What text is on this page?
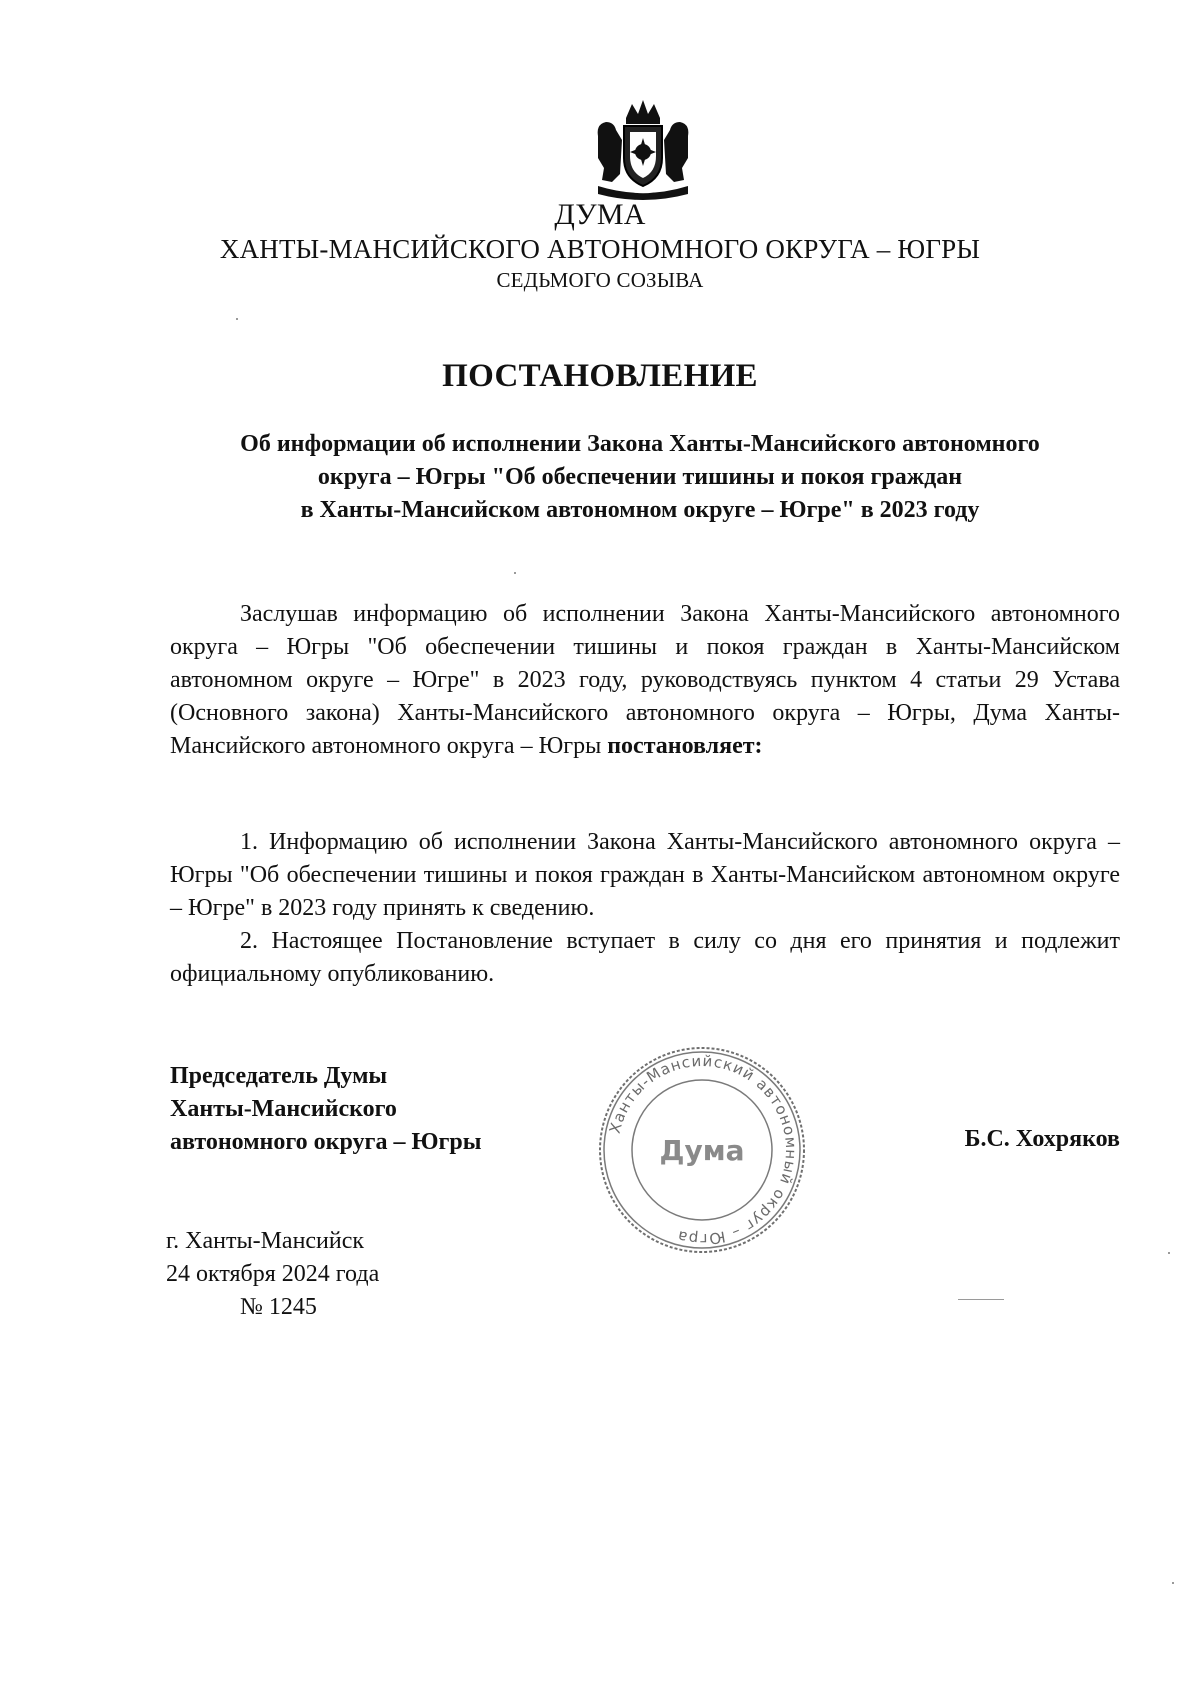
ДУМА
ХАНТЫ-МАНСИЙСКОГО АВТОНОМНОГО ОКРУГА – ЮГРЫ
СЕДЬМОГО СОЗЫВА
ПОСТАНОВЛЕНИЕ
Об информации об исполнении Закона Ханты-Мансийского автономного
округа – Югры "Об обеспечении тишины и покоя граждан
в Ханты-Мансийском автономном округе – Югре" в 2023 году
Заслушав информацию об исполнении Закона Ханты-Мансийского автономного округа – Югры "Об обеспечении тишины и покоя граждан в Ханты-Мансийском автономном округе – Югре" в 2023 году, руководствуясь пунктом 4 статьи 29 Устава (Основного закона) Ханты-Мансийского автономного округа – Югры, Дума Ханты-Мансийского автономного округа – Югры постановляет:
1. Информацию об исполнении Закона Ханты-Мансийского автономного округа – Югры "Об обеспечении тишины и покоя граждан в Ханты-Мансийском автономном округе – Югре" в 2023 году принять к сведению.
2. Настоящее Постановление вступает в силу со дня его принятия и подлежит официальному опубликованию.
Председатель Думы
Ханты-Мансийского
автономного округа – Югры
Ханты-Мансийский автономный округ – Югра
Дума	Б.С. Хохряков
г. Ханты-Мансийск
24 октября 2024 года
№ 1245
